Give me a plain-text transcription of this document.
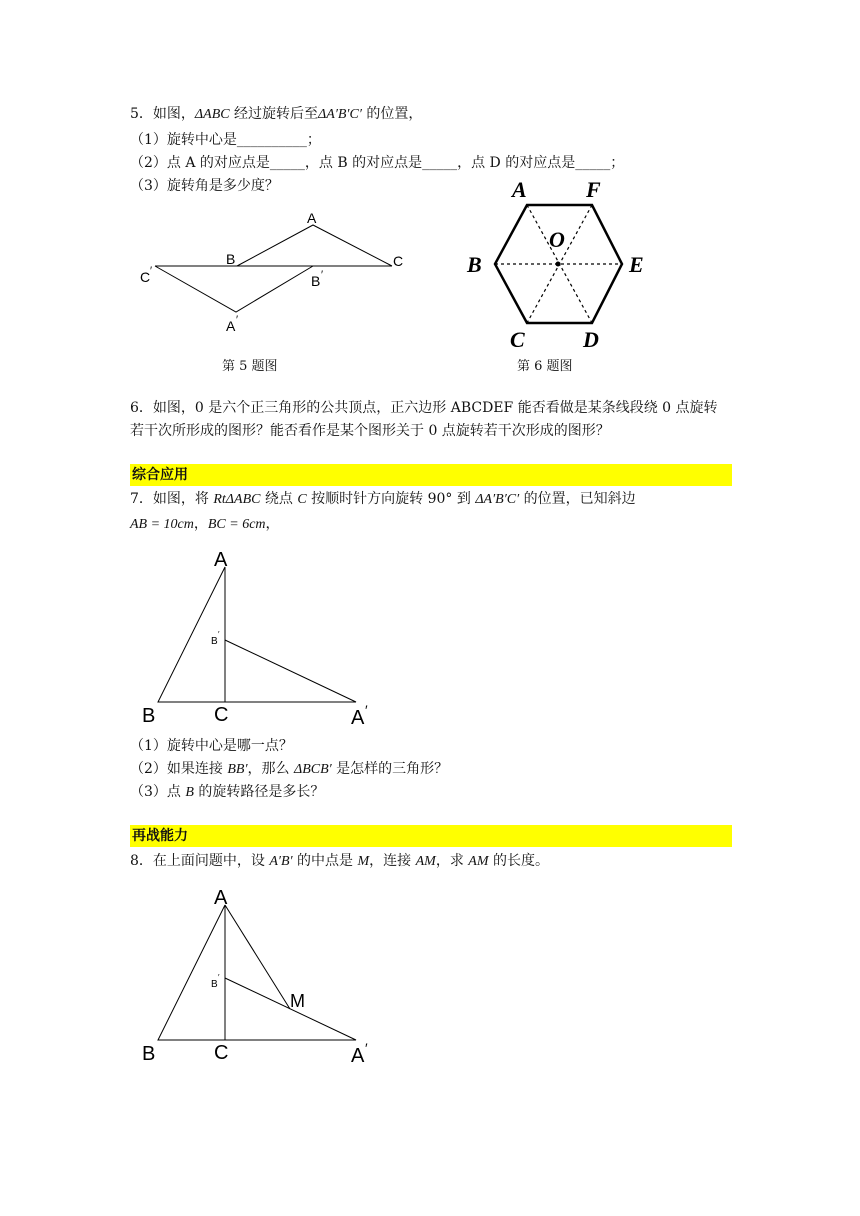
5．如图，ΔABC 经过旋转后至ΔA′B′C′ 的位置，
（1）旋转中心是__________；
（2）点 A 的对应点是_____，点 B 的对应点是_____，点 D 的对应点是_____；
（3）旋转角是多少度？
A
B	C
C ′
B ′
A ′
第 5 题图
A	F
O
B	E
C	D
第 6 题图
6．如图，0 是六个正三角形的公共顶点，正六边形 ABCDEF 能否看做是某条线段绕 0 点旋转
若干次所形成的图形？能否看作是某个图形关于 0 点旋转若干次形成的图形？
综合应用
7．如图，将 RtΔABC 绕点 C 按顺时针方向旋转 90° 到 ΔA′B′C′ 的位置，已知斜边
AB = 10cm，BC = 6cm，
A
B
′
B	C	A ′
（1）旋转中心是哪一点？
（2）如果连接 BB′，那么 ΔBCB′ 是怎样的三角形？
（3）点 B 的旋转路径是多长？
再战能力
8．在上面问题中，设 A′B′ 的中点是 M，连接 AM，求 AM 的长度。
A
B
′
M
B	C	A ′
